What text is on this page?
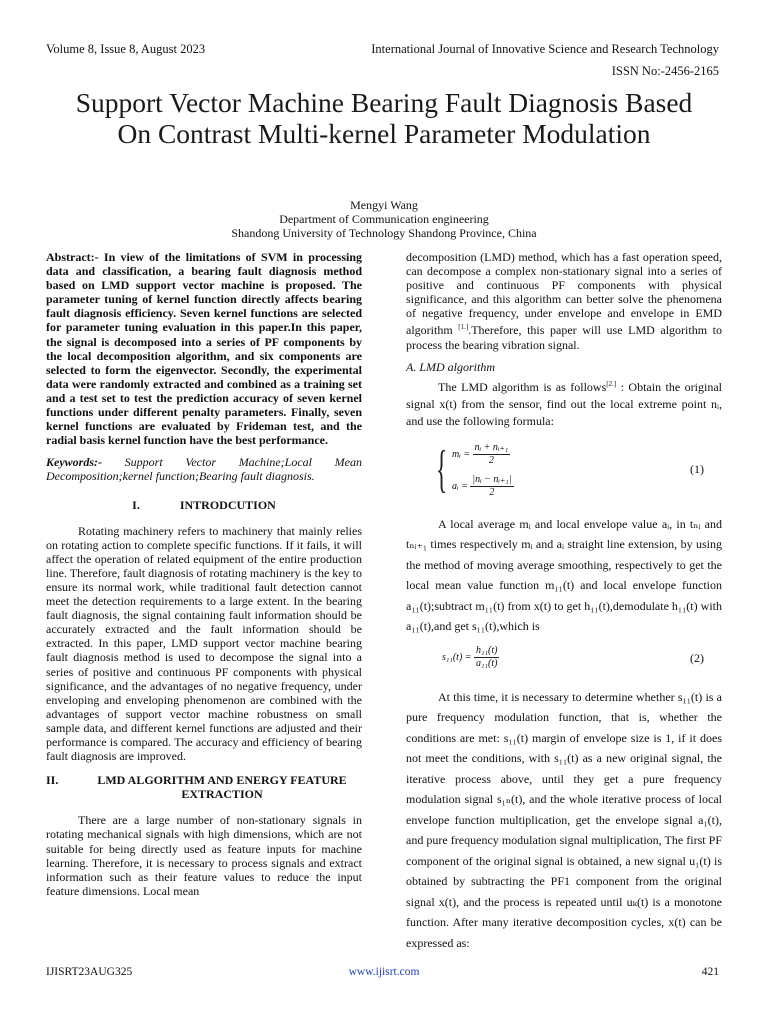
Volume 8, Issue 8, August 2023	International Journal of Innovative Science and Research Technology
ISSN No:-2456-2165
Support Vector Machine Bearing Fault Diagnosis Based On Contrast Multi-kernel Parameter Modulation
Mengyi Wang
Department of Communication engineering
Shandong University of Technology Shandong Province, China

Abstract:- In view of the limitations of SVM in processing data and classification, a bearing fault diagnosis method based on LMD support vector machine is proposed. The parameter tuning of kernel function directly affects bearing fault diagnosis efficiency. Seven kernel functions are selected for parameter tuning evaluation in this paper.In this paper, the signal is decomposed into a series of PF components by the local decomposition algorithm, and six components are selected to form the eigenvector. Secondly, the experimental data were randomly extracted and combined as a training set and a test set to test the prediction accuracy of seven kernel functions under different penalty parameters. Finally, seven kernel functions are evaluated by Frideman test, and the radial basis kernel function have the best performance.

Keywords:- Support Vector Machine;Local Mean Decomposition;kernel function;Bearing fault diagnosis.

I.	INTRODCUTION

Rotating machinery refers to machinery that mainly relies on rotating action to complete specific functions. If it fails, it will affect the operation of related equipment of the entire production line. Therefore, fault diagnosis of rotating machinery is the key to ensure its normal work, while traditional fault detection cannot meet the detection requirements to a large extent. In the bearing fault diagnosis, the signal containing fault information should be accurately extracted and the fault information should be extracted. In this paper, LMD support vector machine bearing fault diagnosis method is used to decompose the signal into a series of positive and continuous PF components with physical significance, and the advantages of no negative frequency, under enveloping and enveloping phenomenon are combined with the advantages of support vector machine robustness on small sample data, and different kernel functions are adjusted and their performance is compared. The accuracy and efficiency of bearing fault diagnosis are improved.

II.	LMD ALGORITHM AND ENERGY FEATURE EXTRACTION

There are a large number of non-stationary signals in rotating mechanical signals with high dimensions, which are not suitable for being directly used as feature inputs for machine learning. Therefore, it is necessary to process signals and extract information such as their feature values to reduce the input feature dimensions. Local mean

decomposition (LMD) method, which has a fast operation speed, can decompose a complex non-stationary signal into a series of positive and continuous PF components with physical significance, and this algorithm can better solve the phenomena of negative frequency, under envelope and envelope in EMD algorithm [1.].Therefore, this paper will use LMD algorithm to process the bearing vibration signal.

A. LMD algorithm

The LMD algorithm is as follows[2.] : Obtain the original signal x(t) from the sensor, find out the local extreme point nᵢ, and use the following formula:

{ mᵢ = $\frac{\text{nᵢ + nᵢ₊₁}}{2}$
aᵢ = $\frac{\text{|nᵢ − nᵢ₊₁|}}{2}$
(1)

A local average mᵢ and local envelope value aᵢ, in tₙᵢ and tₙᵢ₊₁ times respectively mᵢ and aᵢ straight line extension, by using the method of moving average smoothing, respectively to get the local mean value function m₁₁(t) and local envelope function a₁₁(t);subtract m₁₁(t) from x(t) to get h₁₁(t),demodulate h₁₁(t) with a₁₁(t),and get s₁₁(t),which is

$s_{11}(t) = \frac{\text{h₁₁(t)}}{\text{a₁₁(t)}}$	(2)

At this time, it is necessary to determine whether s₁₁(t) is a pure frequency modulation function, that is, whether the conditions are met: s₁₁(t) margin of envelope size is 1, if it does not meet the conditions, with s₁₁(t) as a new original signal, the iterative process above, until they get a pure frequency modulation signal s₁ₙ(t), and the whole iterative process of local envelope function multiplication, get the envelope signal a₁(t), and pure frequency modulation signal multiplication, The first PF component of the original signal is obtained, a new signal u₁(t) is obtained by subtracting the PF1 component from the original signal x(t), and the process is repeated until uₖ(t) is a monotone function. After many iterative decomposition cycles, x(t) can be expressed as:

IJISRT23AUG325	www.ijisrt.com	421
